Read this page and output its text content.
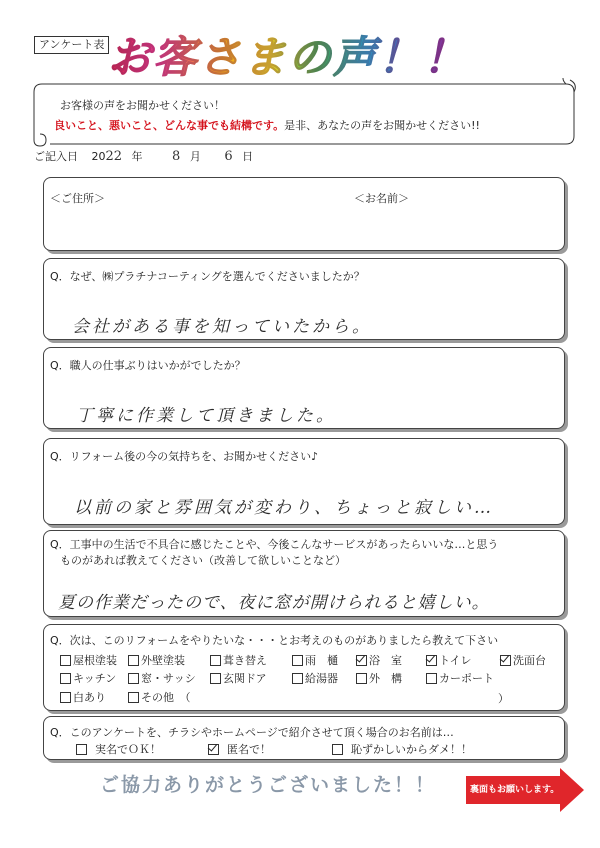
アンケート表 お客さまの声！！
お客様の声をお聞かせください！
良いこと、悪いこと、どんな事でも結構です。是非、あなたの声をお聞かせください!!
ご記入日 2022 年 8 月 6 日
＜ご住所＞	＜お名前＞
Q．なぜ、㈱プラチナコーティングを選んでくださいましたか？
会社がある事を知っていたから。
Q．職人の仕事ぶりはいかがでしたか？
丁寧に作業して頂きました。
Q．リフォーム後の今の気持ちを、お聞かせください♪
以前の家と雰囲気が変わり、ちょっと寂しい…
Q．工事中の生活で不具合に感じたことや、今後こんなサービスがあったらいいな…と思う
ものがあれば教えてください（改善して欲しいことなど）
夏の作業だったので、夜に窓が開けられると嬉しい。
Q．次は、このリフォームをやりたいな・・・とお考えのものがありましたら教えて下さい
屋根塗装 外壁塗装	葺き替え	雨　樋	浴　室	トイレ	洗面台
キッチン 窓・サッシ 玄関ドア	給湯器	外　構	カーポート
白あり	その他　（	）
Q．このアンケートを、チラシやホームページで紹介させて頂く場合のお名前は…
実名でＯＫ！	匿名で！	恥ずかしいからダメ！！
ご協力ありがとうございました！！	裏面もお願いします。
